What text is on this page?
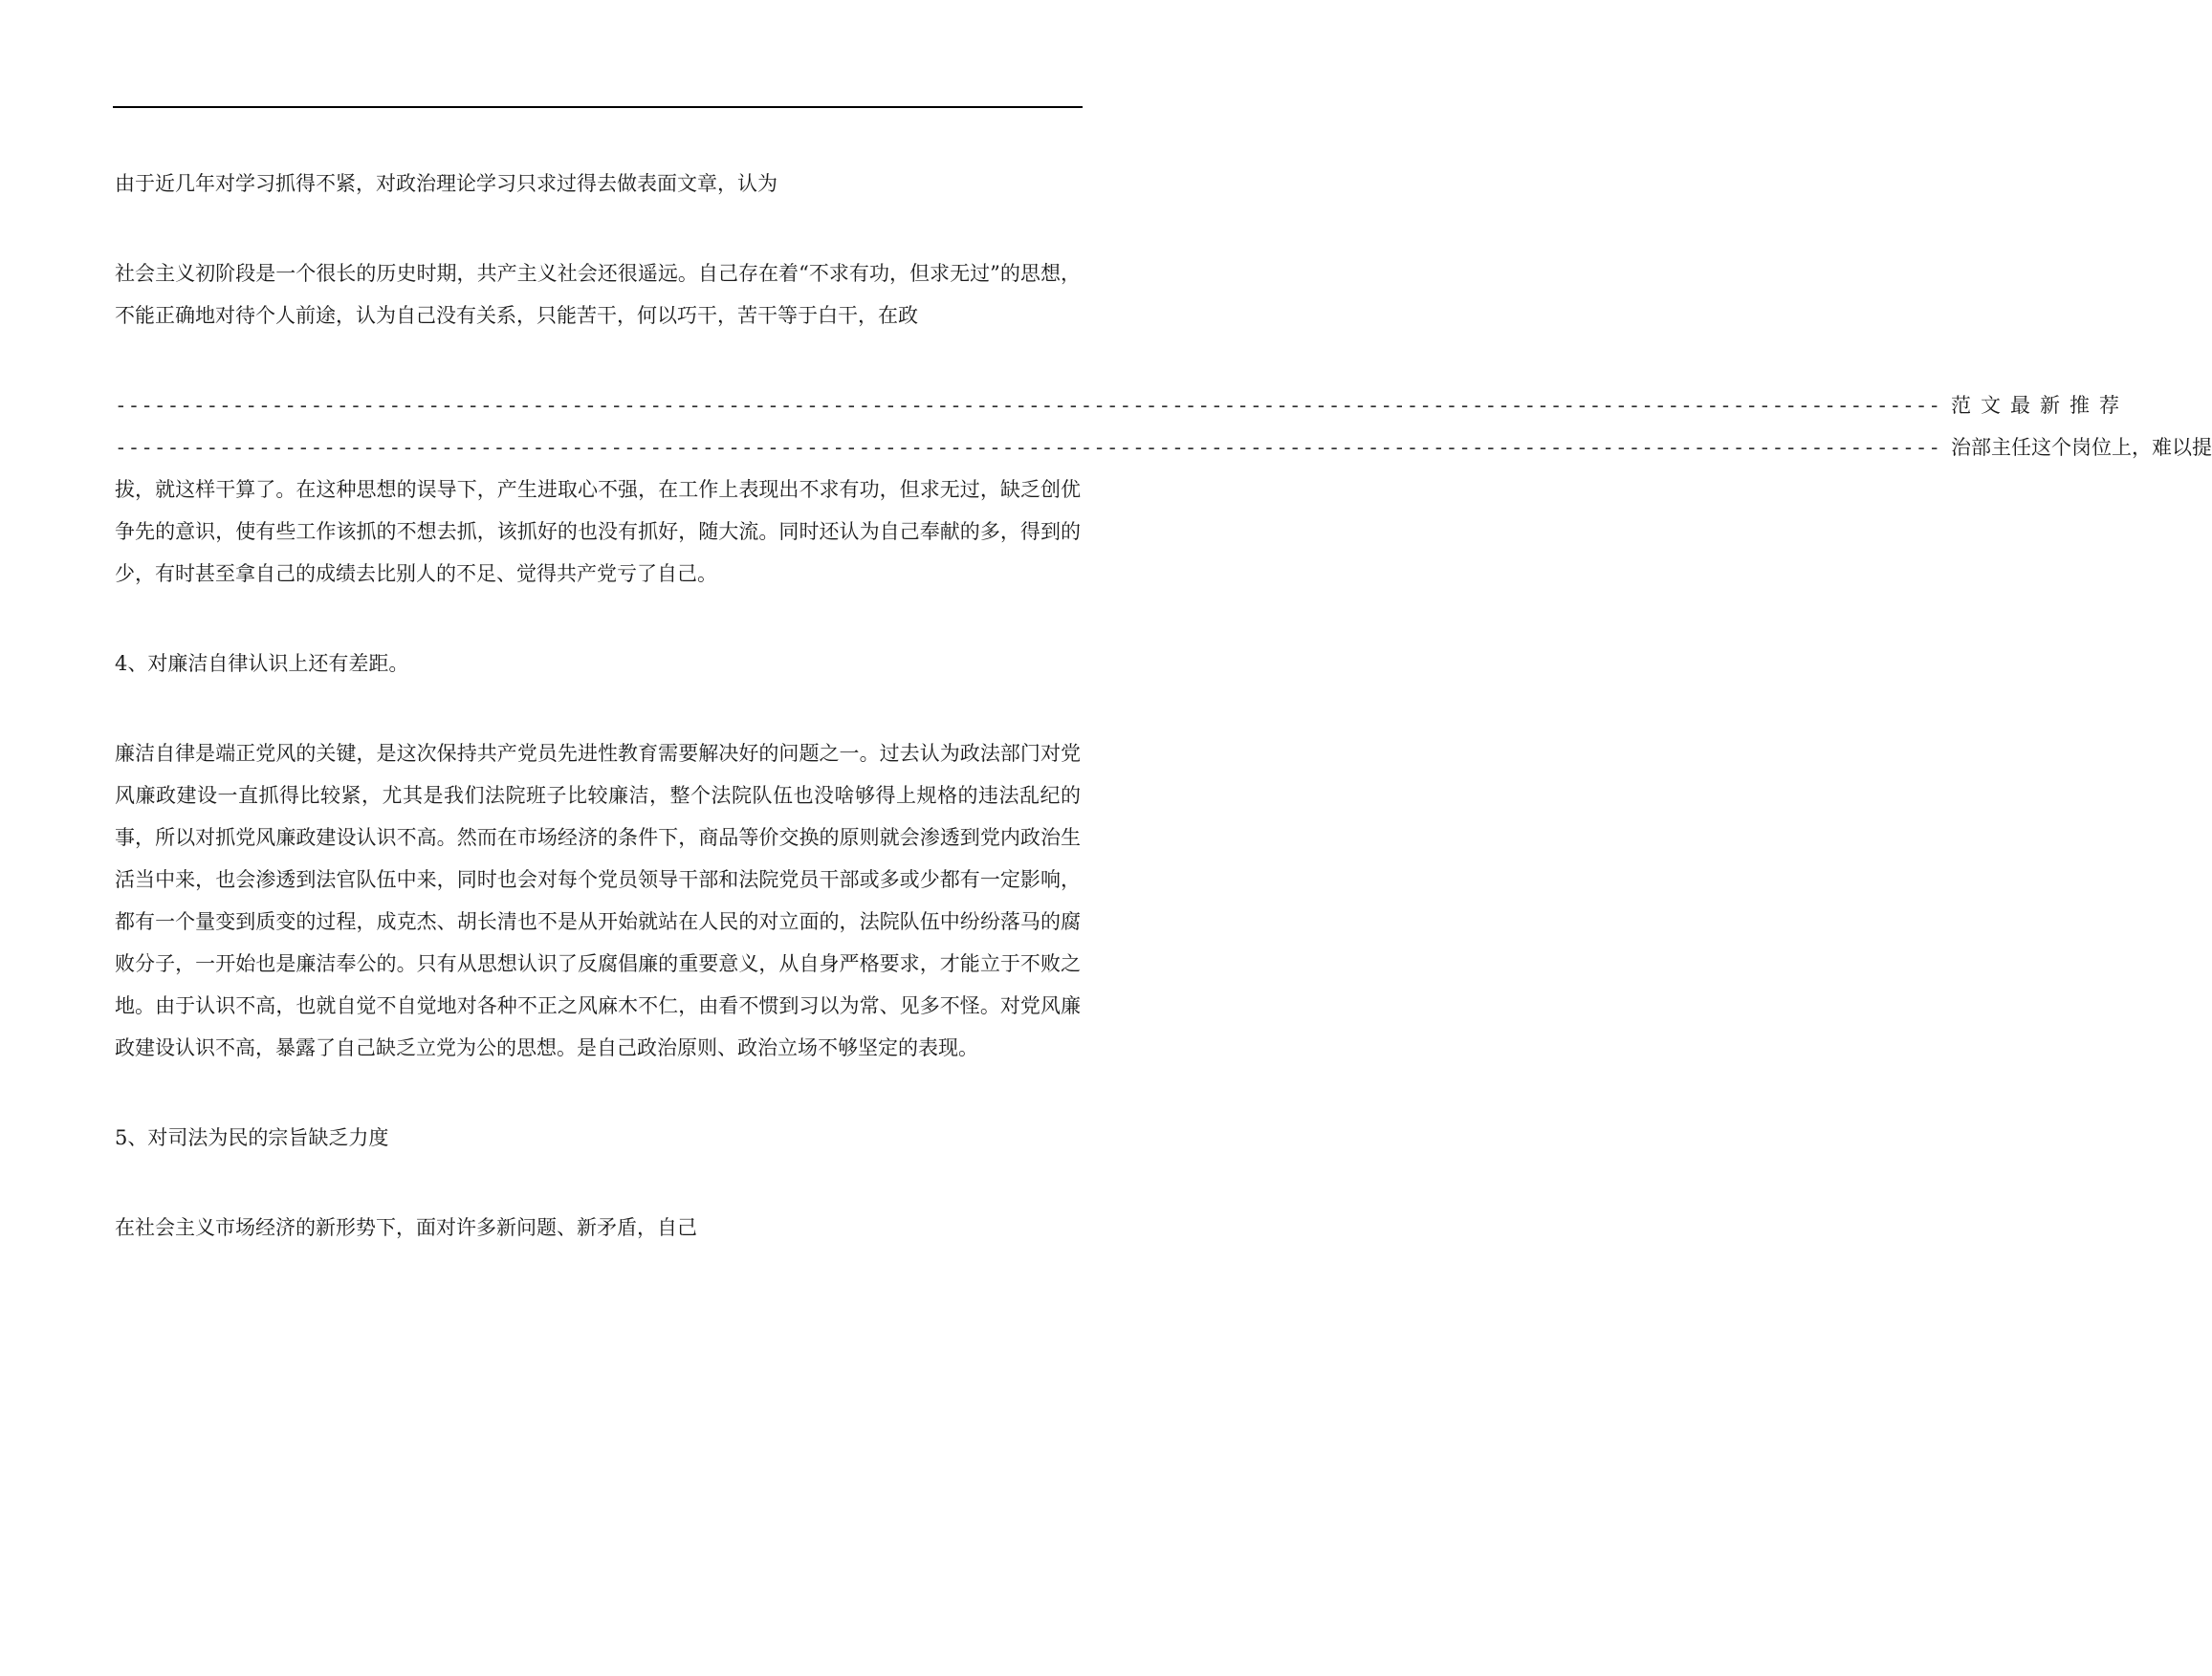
由于近几年对学习抓得不紧，对政治理论学习只求过得去做表面文章，认为

社会主义初阶段是一个很长的历史时期，共产主义社会还很遥远。自己存在着“不求有功，但求无过”的思想，不能正确地对待个人前途，认为自己没有关系，只能苦干，何以巧干，苦干等于白干，在政

-------------------------------------------------------------------------------------------------------------------------------------------- 范文最新推荐
-------------------------------------------------------------------------------------------------------------------------------------------- 治部主任这个岗位上，难以提

拔，就这样干算了。在这种思想的误导下，产生进取心不强，在工作上表现出不求有功，但求无过，缺乏创优争先的意识，使有些工作该抓的不想去抓，该抓好的也没有抓好，随大流。同时还认为自己奉献的多，得到的少，有时甚至拿自己的成绩去比别人的不足、觉得共产党亏了自己。

4、对廉洁自律认识上还有差距。

廉洁自律是端正党风的关键，是这次保持共产党员先进性教育需要解决好的问题之一。过去认为政法部门对党风廉政建设一直抓得比较紧，尤其是我们法院班子比较廉洁，整个法院队伍也没啥够得上规格的违法乱纪的事，所以对抓党风廉政建设认识不高。然而在市场经济的条件下，商品等价交换的原则就会渗透到党内政治生活当中来，也会渗透到法官队伍中来，同时也会对每个党员领导干部和法院党员干部或多或少都有一定影响，都有一个量变到质变的过程，成克杰、胡长清也不是从开始就站在人民的对立面的，法院队伍中纷纷落马的腐败分子，一开始也是廉洁奉公的。只有从思想认识了反腐倡廉的重要意义，从自身严格要求，才能立于不败之地。由于认识不高，也就自觉不自觉地对各种不正之风麻木不仁，由看不惯到习以为常、见多不怪。对党风廉政建设认识不高，暴露了自己缺乏立党为公的思想。是自己政治原则、政治立场不够坚定的表现。

5、对司法为民的宗旨缺乏力度

在社会主义市场经济的新形势下，面对许多新问题、新矛盾，自己
